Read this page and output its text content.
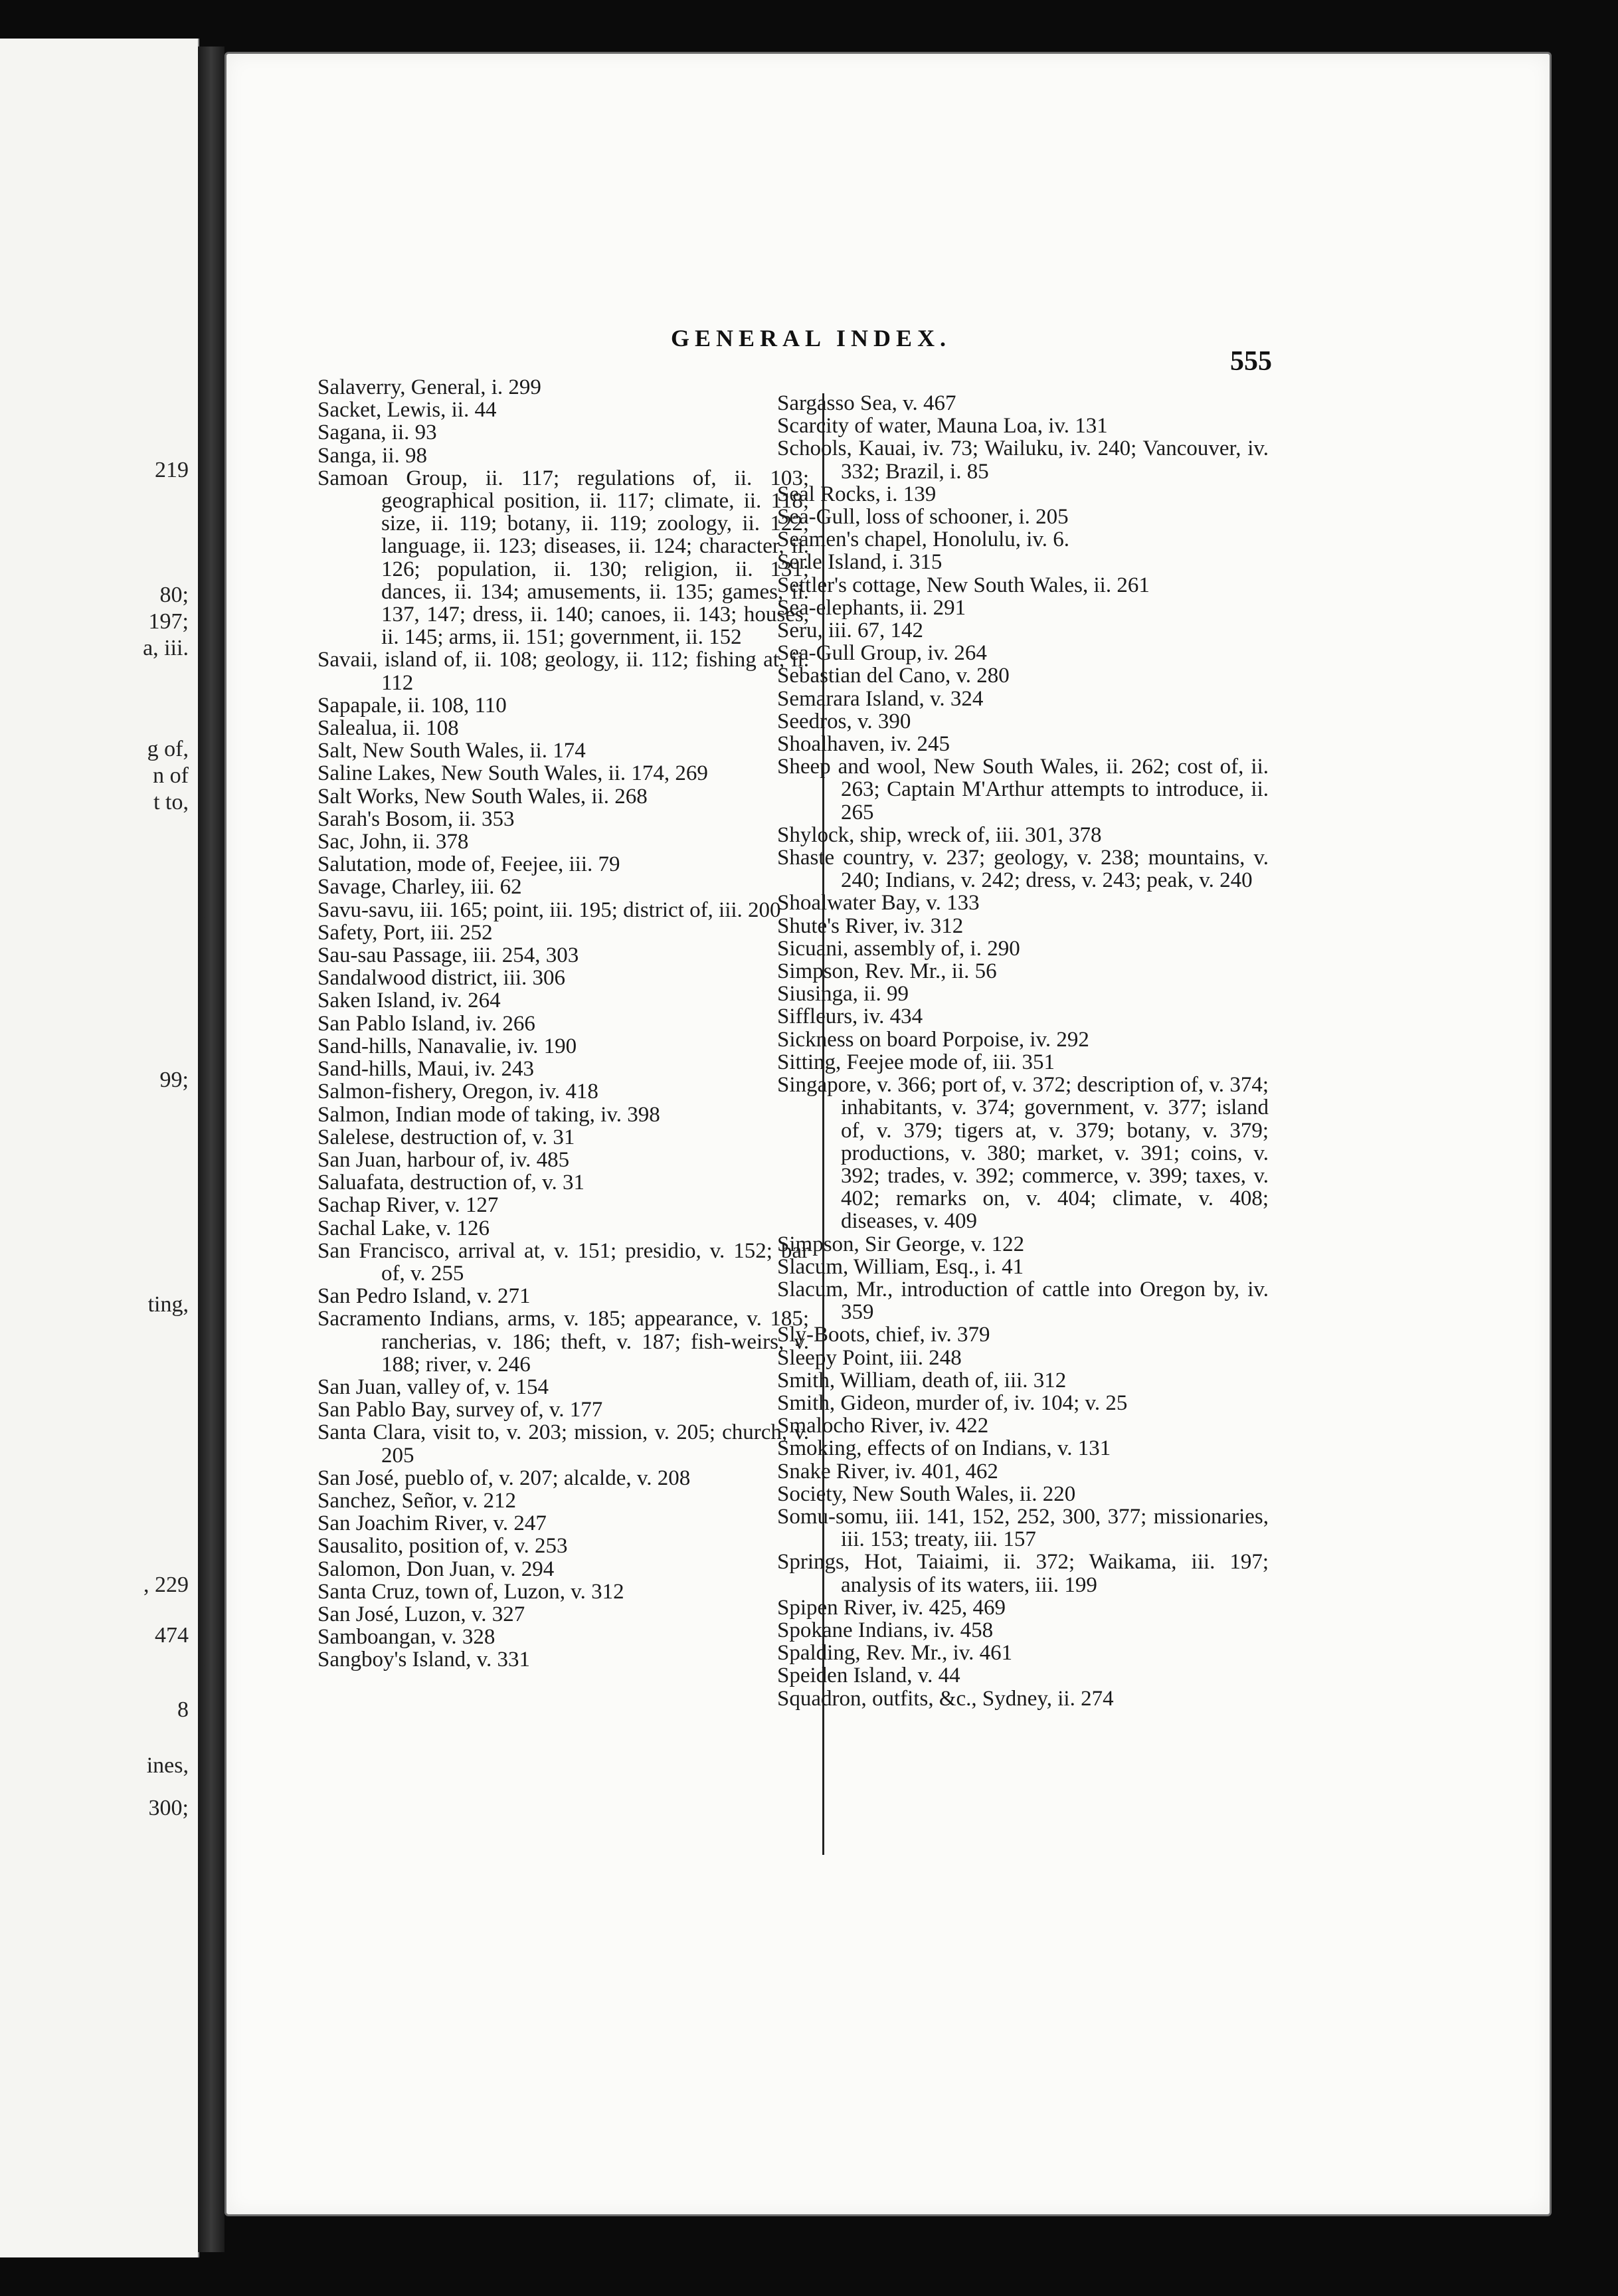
219
80;
197;
a, iii.
g of,
n of
t to,
99;
ting,
, 229
474
8
ines,
300;
GENERAL INDEX.
555
Salaverry, General, i. 299
Sacket, Lewis, ii. 44
Sagana, ii. 93
Sanga, ii. 98
Samoan Group, ii. 117; regulations of, ii. 103; geographical position, ii. 117; climate, ii. 118; size, ii. 119; botany, ii. 119; zoology, ii. 122; language, ii. 123; diseases, ii. 124; character, ii. 126; population, ii. 130; religion, ii. 131; dances, ii. 134; amusements, ii. 135; games, ii. 137, 147; dress, ii. 140; canoes, ii. 143; houses, ii. 145; arms, ii. 151; government, ii. 152
Savaii, island of, ii. 108; geology, ii. 112; fishing at, ii. 112
Sapapale, ii. 108, 110
Salealua, ii. 108
Salt, New South Wales, ii. 174
Saline Lakes, New South Wales, ii. 174, 269
Salt Works, New South Wales, ii. 268
Sarah's Bosom, ii. 353
Sac, John, ii. 378
Salutation, mode of, Feejee, iii. 79
Savage, Charley, iii. 62
Savu-savu, iii. 165; point, iii. 195; district of, iii. 200
Safety, Port, iii. 252
Sau-sau Passage, iii. 254, 303
Sandalwood district, iii. 306
Saken Island, iv. 264
San Pablo Island, iv. 266
Sand-hills, Nanavalie, iv. 190
Sand-hills, Maui, iv. 243
Salmon-fishery, Oregon, iv. 418
Salmon, Indian mode of taking, iv. 398
Salelese, destruction of, v. 31
San Juan, harbour of, iv. 485
Saluafata, destruction of, v. 31
Sachap River, v. 127
Sachal Lake, v. 126
San Francisco, arrival at, v. 151; presidio, v. 152; bar of, v. 255
San Pedro Island, v. 271
Sacramento Indians, arms, v. 185; appearance, v. 185; rancherias, v. 186; theft, v. 187; fish-weirs, v. 188; river, v. 246
San Juan, valley of, v. 154
San Pablo Bay, survey of, v. 177
Santa Clara, visit to, v. 203; mission, v. 205; church, v. 205
San José, pueblo of, v. 207; alcalde, v. 208
Sanchez, Señor, v. 212
San Joachim River, v. 247
Sausalito, position of, v. 253
Salomon, Don Juan, v. 294
Santa Cruz, town of, Luzon, v. 312
San José, Luzon, v. 327
Samboangan, v. 328
Sangboy's Island, v. 331
Sargasso Sea, v. 467
Scarcity of water, Mauna Loa, iv. 131
Schools, Kauai, iv. 73; Wailuku, iv. 240; Vancouver, iv. 332; Brazil, i. 85
Seal Rocks, i. 139
Sea-Gull, loss of schooner, i. 205
Seamen's chapel, Honolulu, iv. 6.
Serle Island, i. 315
Settler's cottage, New South Wales, ii. 261
Sea-elephants, ii. 291
Seru, iii. 67, 142
Sea-Gull Group, iv. 264
Sebastian del Cano, v. 280
Semarara Island, v. 324
Seedros, v. 390
Shoalhaven, iv. 245
Sheep and wool, New South Wales, ii. 262; cost of, ii. 263; Captain M'Arthur attempts to introduce, ii. 265
Shylock, ship, wreck of, iii. 301, 378
Shaste country, v. 237; geology, v. 238; mountains, v. 240; Indians, v. 242; dress, v. 243; peak, v. 240
Shoalwater Bay, v. 133
Shute's River, iv. 312
Sicuani, assembly of, i. 290
Simpson, Rev. Mr., ii. 56
Siusinga, ii. 99
Siffleurs, iv. 434
Sickness on board Porpoise, iv. 292
Sitting, Feejee mode of, iii. 351
Singapore, v. 366; port of, v. 372; description of, v. 374; inhabitants, v. 374; government, v. 377; island of, v. 379; tigers at, v. 379; botany, v. 379; productions, v. 380; market, v. 391; coins, v. 392; trades, v. 392; commerce, v. 399; taxes, v. 402; remarks on, v. 404; climate, v. 408; diseases, v. 409
Simpson, Sir George, v. 122
Slacum, William, Esq., i. 41
Slacum, Mr., introduction of cattle into Oregon by, iv. 359
Sly-Boots, chief, iv. 379
Sleepy Point, iii. 248
Smith, William, death of, iii. 312
Smith, Gideon, murder of, iv. 104; v. 25
Smalocho River, iv. 422
Smoking, effects of on Indians, v. 131
Snake River, iv. 401, 462
Society, New South Wales, ii. 220
Somu-somu, iii. 141, 152, 252, 300, 377; missionaries, iii. 153; treaty, iii. 157
Springs, Hot, Taiaimi, ii. 372; Waikama, iii. 197; analysis of its waters, iii. 199
Spipen River, iv. 425, 469
Spokane Indians, iv. 458
Spalding, Rev. Mr., iv. 461
Speiden Island, v. 44
Squadron, outfits, &c., Sydney, ii. 274
